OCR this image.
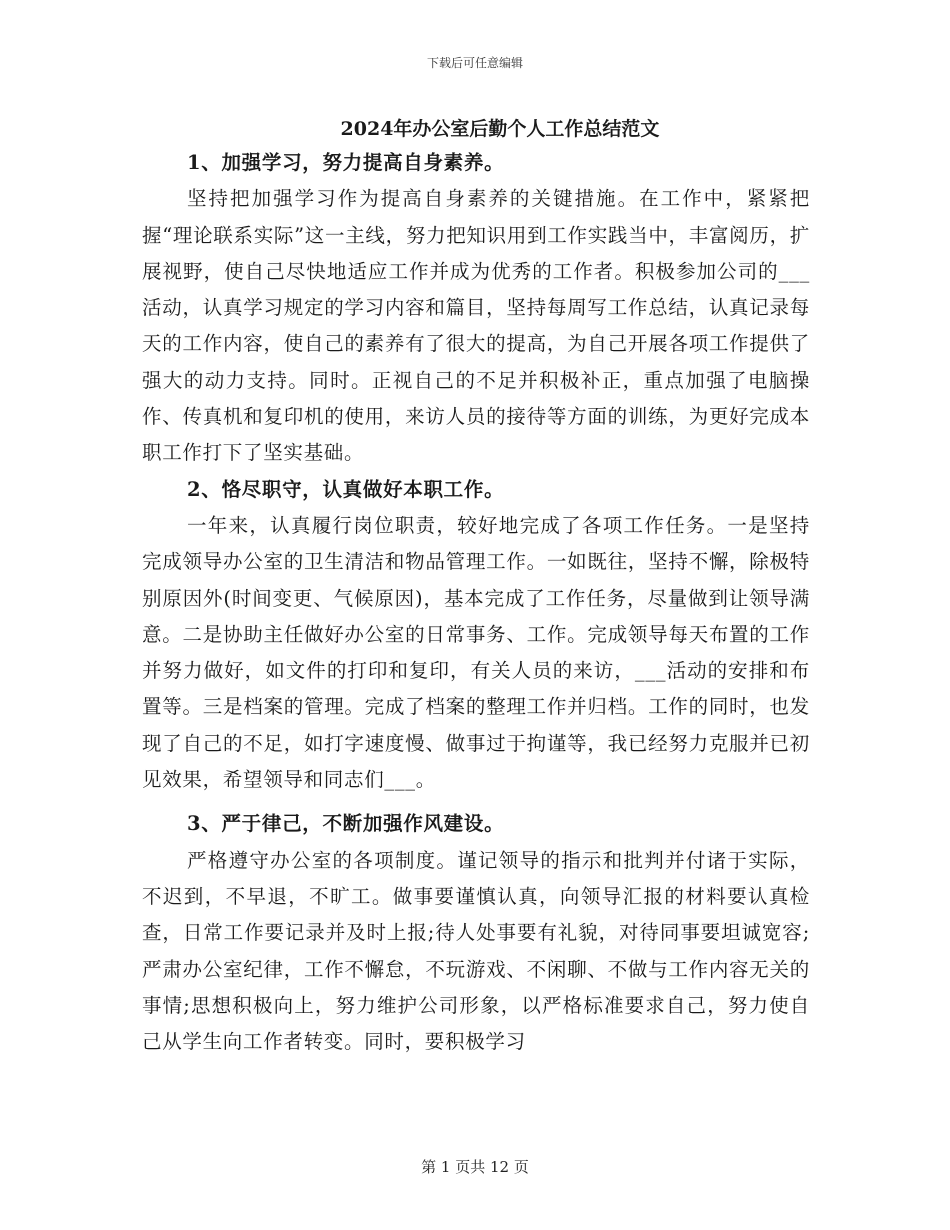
下载后可任意编辑
2024年办公室后勤个人工作总结范文

1、加强学习，努力提高自身素养。

坚持把加强学习作为提高自身素养的关键措施。在工作中，紧紧把握“理论联系实际”这一主线，努力把知识用到工作实践当中，丰富阅历，扩展视野，使自己尽快地适应工作并成为优秀的工作者。积极参加公司的___活动，认真学习规定的学习内容和篇目，坚持每周写工作总结，认真记录每天的工作内容，使自己的素养有了很大的提高，为自己开展各项工作提供了强大的动力支持。同时。正视自己的不足并积极补正，重点加强了电脑操作、传真机和复印机的使用，来访人员的接待等方面的训练，为更好完成本职工作打下了坚实基础。

2、恪尽职守，认真做好本职工作。

一年来，认真履行岗位职责，较好地完成了各项工作任务。一是坚持完成领导办公室的卫生清洁和物品管理工作。一如既往，坚持不懈，除极特别原因外(时间变更、气候原因)，基本完成了工作任务，尽量做到让领导满意。二是协助主任做好办公室的日常事务、工作。完成领导每天布置的工作并努力做好，如文件的打印和复印，有关人员的来访，___活动的安排和布置等。三是档案的管理。完成了档案的整理工作并归档。工作的同时，也发现了自己的不足，如打字速度慢、做事过于拘谨等，我已经努力克服并已初见效果，希望领导和同志们___。

3、严于律己，不断加强作风建设。

严格遵守办公室的各项制度。谨记领导的指示和批判并付诸于实际，不迟到，不早退，不旷工。做事要谨慎认真，向领导汇报的材料要认真检查，日常工作要记录并及时上报;待人处事要有礼貌，对待同事要坦诚宽容;严肃办公室纪律，工作不懈怠，不玩游戏、不闲聊、不做与工作内容无关的事情;思想积极向上，努力维护公司形象，以严格标准要求自己，努力使自己从学生向工作者转变。同时，要积极学习

第 1 页共 12 页
